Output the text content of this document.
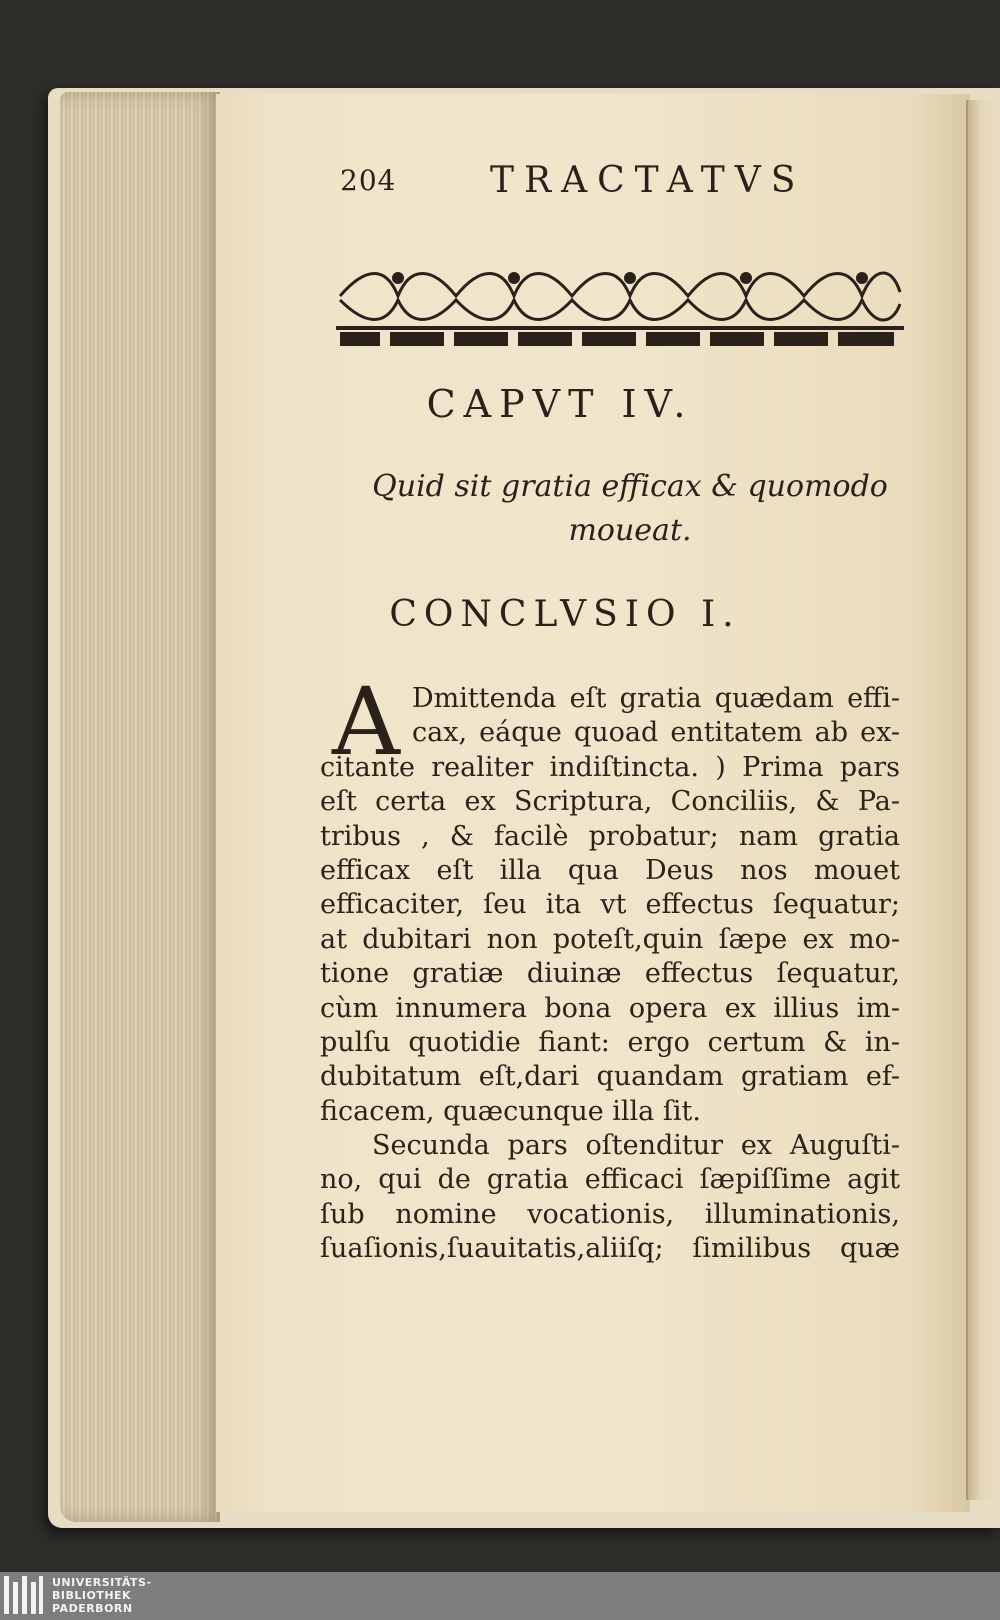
204	TRACTATVS
CAPVT IV.
Quid sit gratia efficax & quomodo moueat.
CONCLVSIO I.
A Dmittenda eſt gratia quædam effi-
cax, eáque quoad entitatem ab ex-
citante realiter indiſtincta. ) Prima pars
eſt certa ex Scriptura, Conciliis, & Pa-
tribus , & facilè probatur; nam gratia
efficax eſt illa qua Deus nos mouet
efficaciter, ſeu ita vt effectus ſequatur;
at dubitari non poteſt,quin ſæpe ex mo-
tione gratiæ diuinæ effectus ſequatur,
cùm innumera bona opera ex illius im-
pulſu quotidie fiant: ergo certum & in-
dubitatum eſt,dari quandam gratiam ef-
ficacem, quæcunque illa ſit.
Secunda pars oſtenditur ex Auguſti-
no, qui de gratia efficaci ſæpiſſime agit
ſub nomine vocationis, illuminationis,
ſuaſionis,ſuauitatis,aliiſq; ſimilibus quæ
UNIVERSITÄTS-
BIBLIOTHEK
PADERBORN
